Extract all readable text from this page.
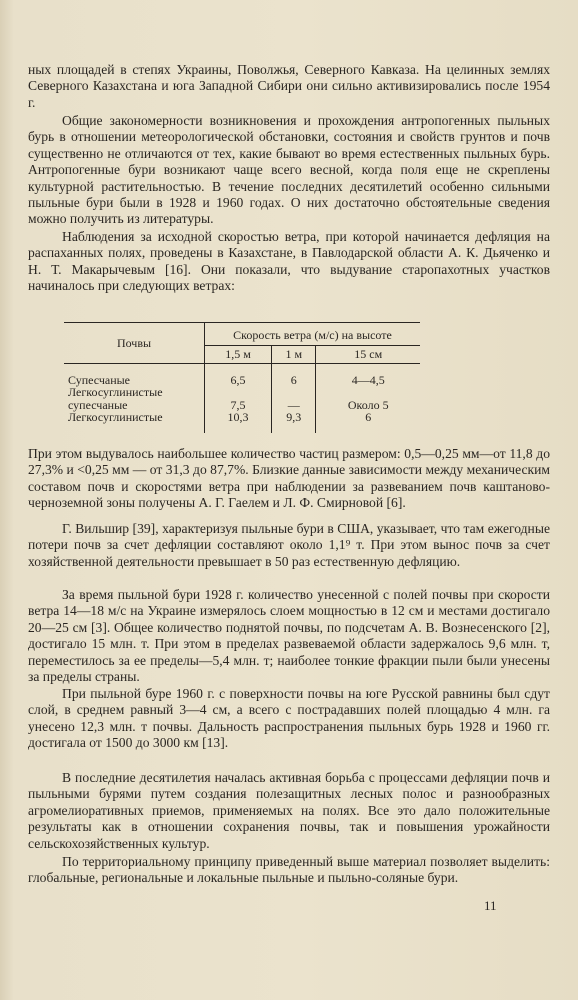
ных площадей в степях Украины, Поволжья, Северного Кавказа. На целинных землях Северного Казахстана и юга Западной Сибири они сильно активизировались после 1954 г.

Общие закономерности возникновения и прохождения антропогенных пыльных бурь в отношении метеорологической обстановки, состояния и свойств грунтов и почв существенно не отличаются от тех, какие бывают во время естественных пыльных бурь. Антропогенные бури возникают чаще всего весной, когда поля еще не скреплены культурной растительностью. В течение последних десятилетий особенно сильными пыльные бури были в 1928 и 1960 годах. О них достаточно обстоятельные сведения можно получить из литературы.

Наблюдения за исходной скоростью ветра, при которой начинается дефляция на распаханных полях, проведены в Казахстане, в Павлодарской области А. К. Дьяченко и Н. Т. Макарычевым [16]. Они показали, что выдувание старопахотных участков начиналось при следующих ветрах:

Почвы	Скорость ветра (м/с) на высоте		
	1,5 м	1 м	15 см

Супесчаные	6,5	6	4—4,5
Легкосуглинистые			
супесчаные	7,5	—	Около 5
Легкосуглинистые	10,3	9,3	6

При этом выдувалось наибольшее количество частиц размером: 0,5—0,25 мм—от 11,8 до 27,3% и <0,25 мм — от 31,3 до 87,7%. Близкие данные зависимости между механическим составом почв и скоростями ветра при наблюдении за развеванием почв каштаново-черноземной зоны получены А. Г. Гаелем и Л. Ф. Смирновой [6].

Г. Вильшир [39], характеризуя пыльные бури в США, указывает, что там ежегодные потери почв за счет дефляции составляют около 1,1⁹ т. При этом вынос почв за счет хозяйственной деятельности превышает в 50 раз естественную дефляцию.

За время пыльной бури 1928 г. количество унесенной с полей почвы при скорости ветра 14—18 м/с на Украине измерялось слоем мощностью в 12 см и местами достигало 20—25 см [3]. Общее количество поднятой почвы, по подсчетам А. В. Вознесенского [2], достигало 15 млн. т. При этом в пределах развеваемой области задержалось 9,6 млн. т, переместилось за ее пределы—5,4 млн. т; наиболее тонкие фракции пыли были унесены за пределы страны.

При пыльной буре 1960 г. с поверхности почвы на юге Русской равнины был сдут слой, в среднем равный 3—4 см, а всего с пострадавших полей площадью 4 млн. га унесено 12,3 млн. т почвы. Дальность распространения пыльных бурь 1928 и 1960 гг. достигала от 1500 до 3000 км [13].

В последние десятилетия началась активная борьба с процессами дефляции почв и пыльными бурями путем создания полезащитных лесных полос и разнообразных агромелиоративных приемов, применяемых на полях. Все это дало положительные результаты как в отношении сохранения почвы, так и повышения урожайности сельскохозяйственных культур.

По территориальному принципу приведенный выше материал позволяет выделить: глобальные, региональные и локальные пыльные и пыльно-соляные бури.

11
